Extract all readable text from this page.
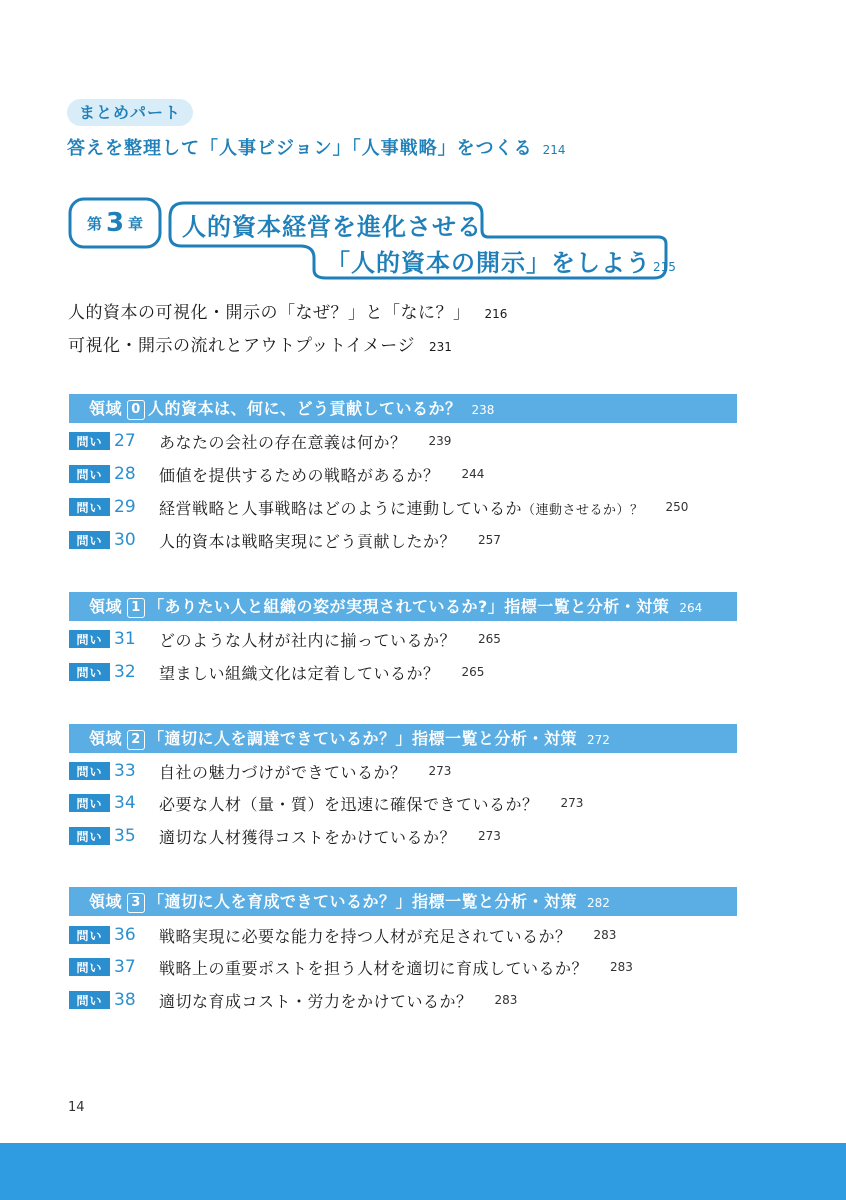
まとめパート
答えを整理して「人事ビジョン」「人事戦略」をつくる 214
第 3 章 人的資本経営を進化させる
「人的資本の開示」をしよう 215
人的資本の可視化・開示の「なぜ？」と「なに？」 216
可視化・開示の流れとアウトプットイメージ 231
領域 0 人的資本は、何に、どう貢献しているか？ 238
問い 27	あなたの会社の存在意義は何か？ 239
問い 28	価値を提供するための戦略があるか？ 244
問い 29	経営戦略と人事戦略はどのように連動しているか（連動させるか）？ 250
問い 30	人的資本は戦略実現にどう貢献したか？ 257
領域 1 「ありたい人と組織の姿が実現されているか?」指標一覧と分析・対策 264
問い 31	どのような人材が社内に揃っているか？ 265
問い 32	望ましい組織文化は定着しているか？ 265
領域 2 「適切に人を調達できているか？」指標一覧と分析・対策 272
問い 33	自社の魅力づけができているか？ 273
問い 34	必要な人材（量・質）を迅速に確保できているか？ 273
問い 35	適切な人材獲得コストをかけているか？ 273
領域 3 「適切に人を育成できているか？」指標一覧と分析・対策 282
問い 36	戦略実現に必要な能力を持つ人材が充足されているか？ 283
問い 37	戦略上の重要ポストを担う人材を適切に育成しているか？ 283
問い 38	適切な育成コスト・労力をかけているか？ 283
14
